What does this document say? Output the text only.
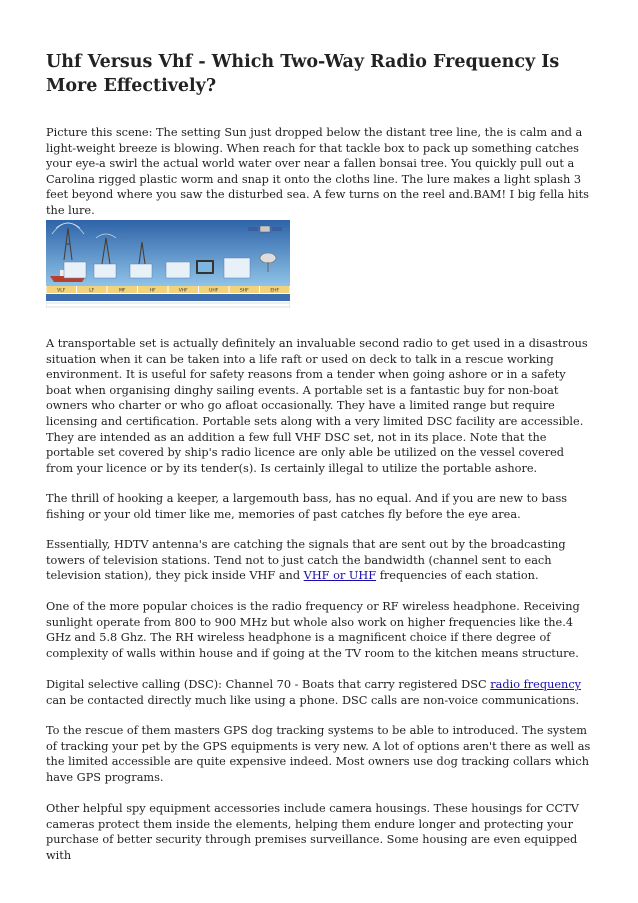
Uhf Versus Vhf - Which Two-Way Radio Frequency Is More Effectively?

Picture this scene: The setting Sun just dropped below the distant tree line, the is calm and a light-weight breeze is blowing. When reach for that tackle box to pack up something catches your eye-a swirl the actual world water over near a fallen bonsai tree. You quickly pull out a Carolina rigged plastic worm and snap it onto the cloths line. The lure makes a light splash 3 feet beyond where you saw the disturbed sea. A few turns on the reel and.BAM! I big fella hits the lure.

VLF	LF	MF	HF	VHF	UHF	SHF	EHF

A transportable set is actually definitely an invaluable second radio to get used in a disastrous situation when it can be taken into a life raft or used on deck to talk in a rescue working environment. It is useful for safety reasons from a tender when going ashore or in a safety boat when organising dinghy sailing events. A portable set is a fantastic buy for non-boat owners who charter or who go afloat occasionally. They have a limited range but require licensing and certification. Portable sets along with a very limited DSC facility are accessible. They are intended as an addition a few full VHF DSC set, not in its place. Note that the portable set covered by ship's radio licence are only able be utilized on the vessel covered from your licence or by its tender(s). Is certainly illegal to utilize the portable ashore.

The thrill of hooking a keeper, a largemouth bass, has no equal. And if you are new to bass fishing or your old timer like me, memories of past catches fly before the eye area.

Essentially, HDTV antenna's are catching the signals that are sent out by the broadcasting towers of television stations. Tend not to just catch the bandwidth (channel sent to each television station), they pick inside VHF and VHF or UHF frequencies of each station.

One of the more popular choices is the radio frequency or RF wireless headphone. Receiving sunlight operate from 800 to 900 MHz but whole also work on higher frequencies like the.4 GHz and 5.8 Ghz. The RH wireless headphone is a magnificent choice if there degree of complexity of walls within house and if going at the TV room to the kitchen means structure.

Digital selective calling (DSC): Channel 70 - Boats that carry registered DSC radio frequency can be contacted directly much like using a phone. DSC calls are non-voice communications.

To the rescue of them masters GPS dog tracking systems to be able to introduced. The system of tracking your pet by the GPS equipments is very new. A lot of options aren't there as well as the limited accessible are quite expensive indeed. Most owners use dog tracking collars which have GPS programs.

Other helpful spy equipment accessories include camera housings. These housings for CCTV cameras protect them inside the elements, helping them endure longer and protecting your purchase of better security through premises surveillance. Some housing are even equipped with
